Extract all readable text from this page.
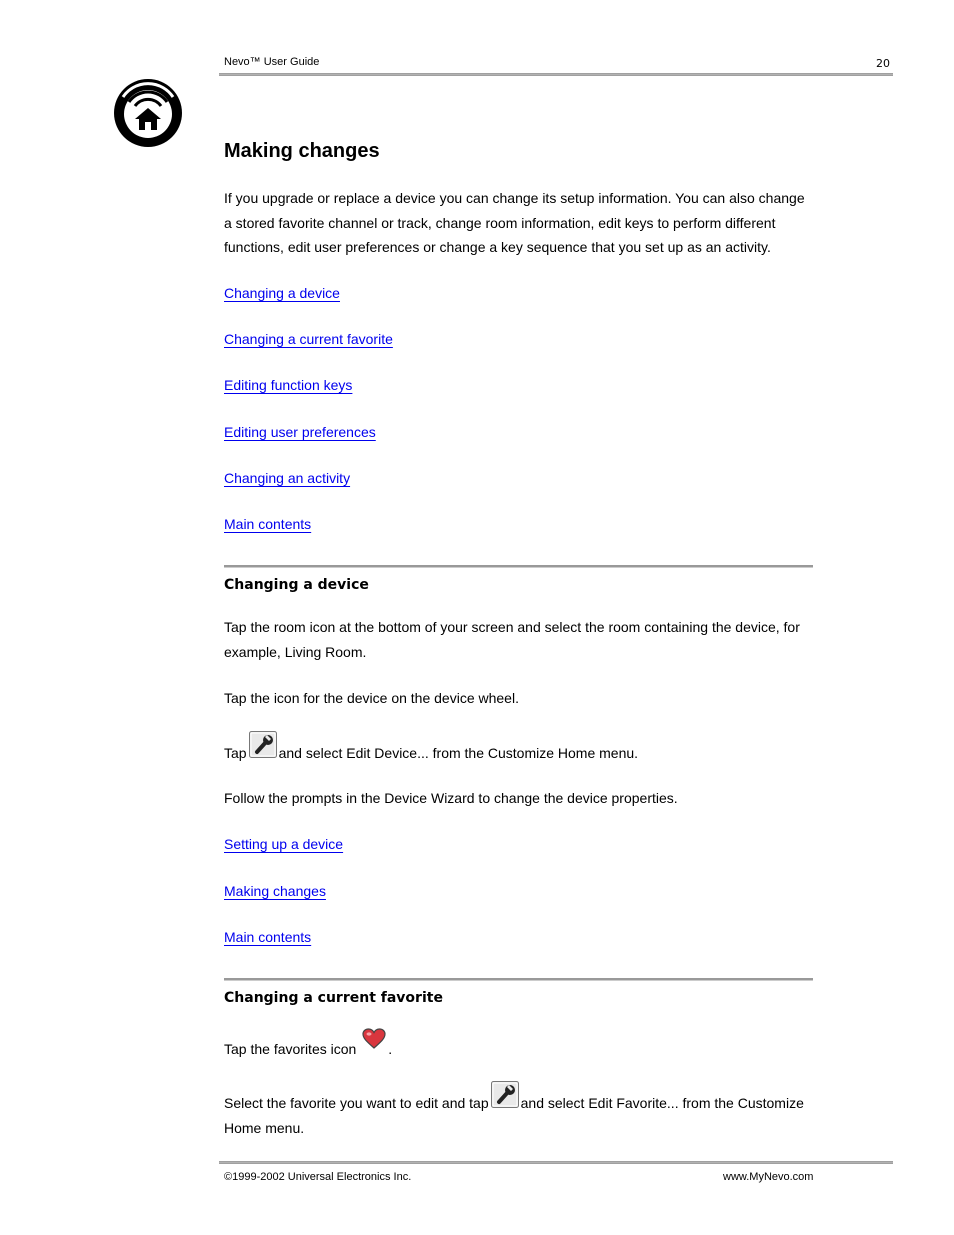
Nevo™ User Guide	20
Making changes
If you upgrade or replace a device you can change its setup information. You can also change a stored favorite channel or track, change room information, edit keys to perform different functions, edit user preferences or change a key sequence that you set up as an activity.
Changing a device
Changing a current favorite
Editing function keys
Editing user preferences
Changing an activity
Main contents
Changing a device
Tap the room icon at the bottom of your screen and select the room containing the device, for example, Living Room.
Tap the icon for the device on the device wheel.
Tap and select Edit Device... from the Customize Home menu.
Follow the prompts in the Device Wizard to change the device properties.
Setting up a device
Making changes
Main contents
Changing a current favorite
Tap the favorites icon .
Select the favorite you want to edit and tap and select Edit Favorite... from the Customize Home menu.
©1999-2002 Universal Electronics Inc.	www.MyNevo.com
